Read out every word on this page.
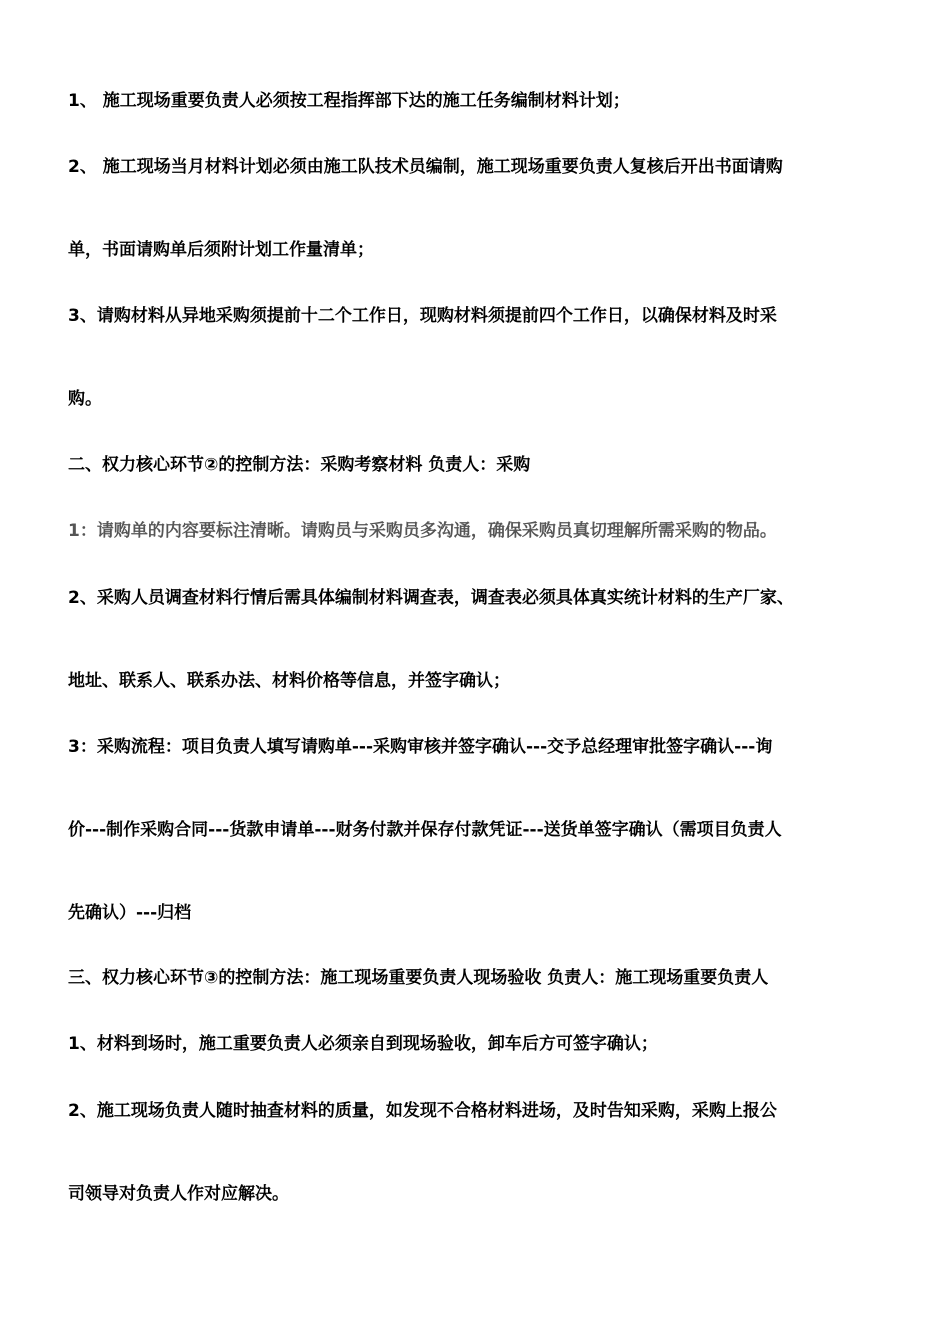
1、 施工现场重要负责人必须按工程指挥部下达的施工任务编制材料计划；
2、 施工现场当月材料计划必须由施工队技术员编制，施工现场重要负责人复核后开出书面请购
单，书面请购单后须附计划工作量清单；
3、请购材料从异地采购须提前十二个工作日，现购材料须提前四个工作日，以确保材料及时采
购。
二、权力核心环节②的控制方法：采购考察材料 负责人：采购
1：请购单的内容要标注清晰。请购员与采购员多沟通，确保采购员真切理解所需采购的物品。
2、采购人员调查材料行情后需具体编制材料调查表，调查表必须具体真实统计材料的生产厂家、
地址、联系人、联系办法、材料价格等信息，并签字确认；
3：采购流程：项目负责人填写请购单---采购审核并签字确认---交予总经理审批签字确认---询
价---制作采购合同---货款申请单---财务付款并保存付款凭证---送货单签字确认（需项目负责人
先确认）---归档
三、权力核心环节③的控制方法：施工现场重要负责人现场验收 负责人：施工现场重要负责人
1、材料到场时，施工重要负责人必须亲自到现场验收，卸车后方可签字确认；
2、施工现场负责人随时抽查材料的质量，如发现不合格材料进场，及时告知采购，采购上报公
司领导对负责人作对应解决。
